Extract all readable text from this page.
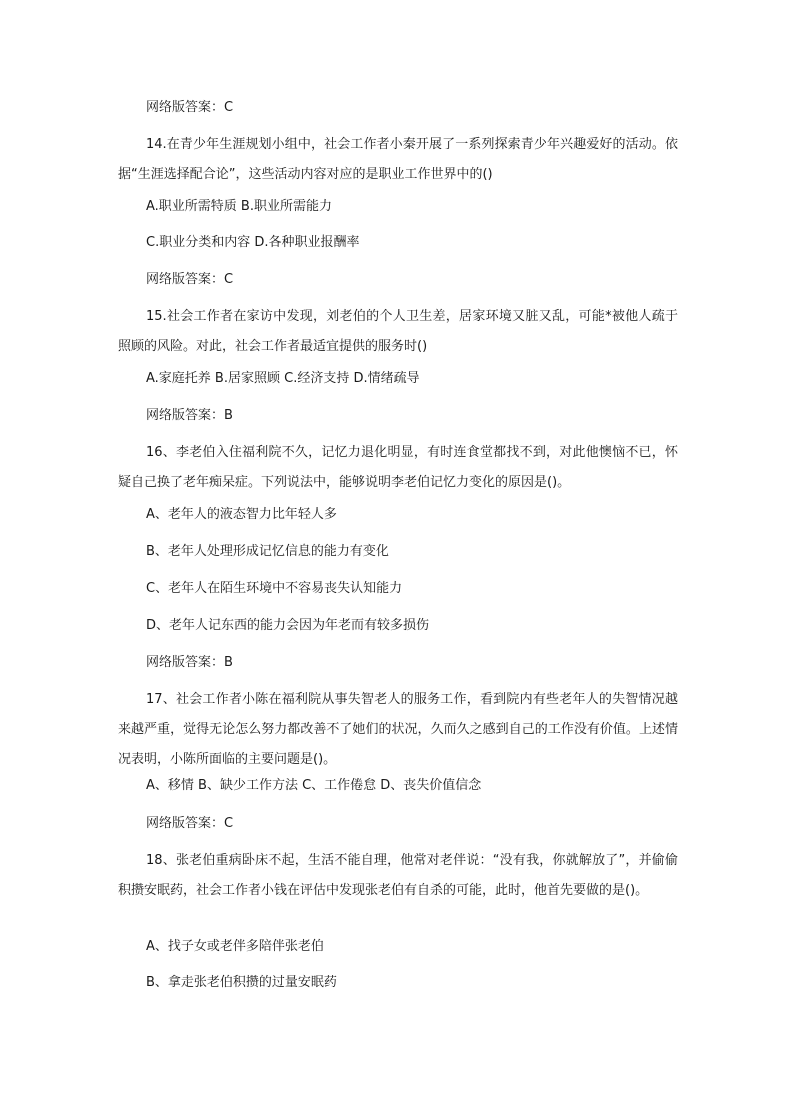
网络版答案：C
14.在青少年生涯规划小组中，社会工作者小秦开展了一系列探索青少年兴趣爱好的活动。依据“生涯选择配合论”，这些活动内容对应的是职业工作世界中的()
A.职业所需特质 B.职业所需能力
C.职业分类和内容 D.各种职业报酬率
网络版答案：C
15.社会工作者在家访中发现，刘老伯的个人卫生差，居家环境又脏又乱，可能*被他人疏于照顾的风险。对此，社会工作者最适宜提供的服务时()
A.家庭托养 B.居家照顾 C.经济支持 D.情绪疏导
网络版答案：B
16、李老伯入住福利院不久，记忆力退化明显，有时连食堂都找不到，对此他懊恼不已，怀疑自己换了老年痴呆症。下列说法中，能够说明李老伯记忆力变化的原因是()。
A、老年人的液态智力比年轻人多
B、老年人处理形成记忆信息的能力有变化
C、老年人在陌生环境中不容易丧失认知能力
D、老年人记东西的能力会因为年老而有较多损伤
网络版答案：B
17、社会工作者小陈在福利院从事失智老人的服务工作，看到院内有些老年人的失智情况越来越严重，觉得无论怎么努力都改善不了她们的状况，久而久之感到自己的工作没有价值。上述情况表明，小陈所面临的主要问题是()。
A、移情 B、缺少工作方法 C、工作倦怠 D、丧失价值信念
网络版答案：C
18、张老伯重病卧床不起，生活不能自理，他常对老伴说：“没有我，你就解放了”，并偷偷积攒安眠药，社会工作者小钱在评估中发现张老伯有自杀的可能，此时，他首先要做的是()。
A、找子女或老伴多陪伴张老伯
B、拿走张老伯积攒的过量安眠药
